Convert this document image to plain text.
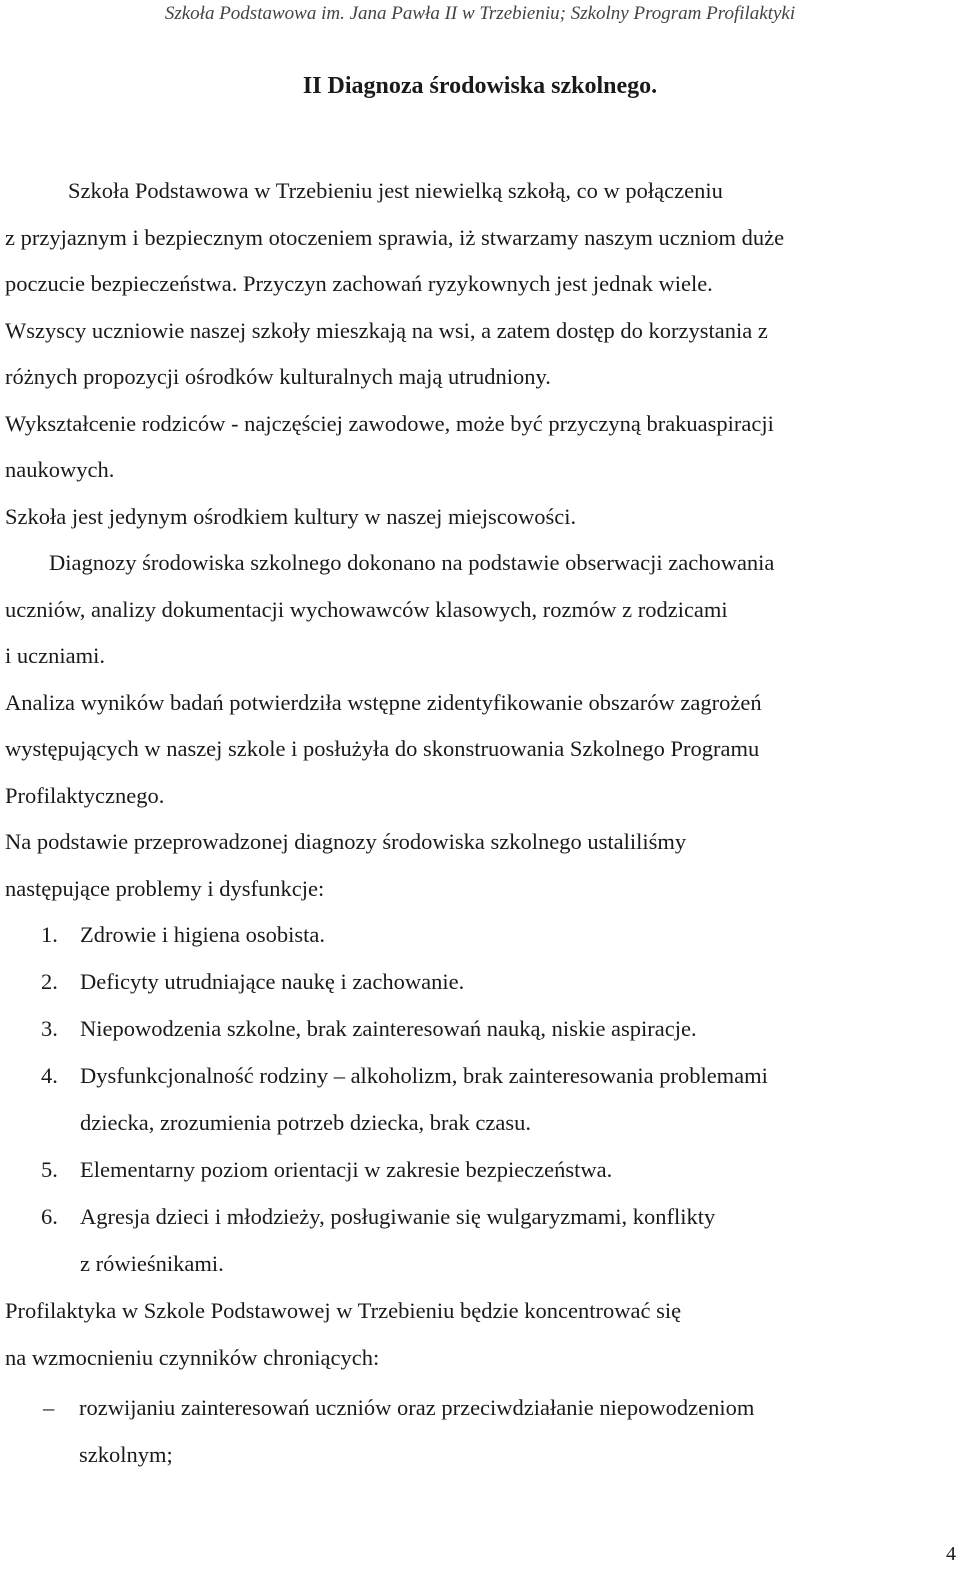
Szkoła Podstawowa im. Jana Pawła II w Trzebieniu; Szkolny Program Profilaktyki
II Diagnoza środowiska szkolnego.
Szkoła Podstawowa w Trzebieniu jest niewielką szkołą, co w połączeniu
z przyjaznym i bezpiecznym otoczeniem sprawia, iż stwarzamy naszym uczniom duże
poczucie bezpieczeństwa. Przyczyn zachowań ryzykownych jest jednak wiele.
Wszyscy uczniowie naszej szkoły mieszkają na wsi, a zatem dostęp do korzystania z
różnych propozycji ośrodków kulturalnych mają utrudniony.
Wykształcenie rodziców - najczęściej zawodowe, może być przyczyną brakuaspiracji
naukowych.
Szkoła jest jedynym ośrodkiem kultury w naszej miejscowości.
Diagnozy środowiska szkolnego dokonano na podstawie obserwacji zachowania
uczniów, analizy dokumentacji wychowawców klasowych, rozmów z rodzicami
i uczniami.
Analiza wyników badań potwierdziła wstępne zidentyfikowanie obszarów zagrożeń
występujących w naszej szkole i posłużyła do skonstruowania Szkolnego Programu
Profilaktycznego.
Na podstawie przeprowadzonej diagnozy środowiska szkolnego ustaliliśmy
następujące problemy i dysfunkcje:
1. Zdrowie i higiena osobista.
2. Deficyty utrudniające naukę i zachowanie.
3. Niepowodzenia szkolne, brak zainteresowań nauką, niskie aspiracje.
4. Dysfunkcjonalność rodziny – alkoholizm, brak zainteresowania problemami
dziecka, zrozumienia potrzeb dziecka, brak czasu.
5. Elementarny poziom orientacji w zakresie bezpieczeństwa.
6. Agresja dzieci i młodzieży, posługiwanie się wulgaryzmami, konflikty
z rówieśnikami.
Profilaktyka w Szkole Podstawowej w Trzebieniu będzie koncentrować się
na wzmocnieniu czynników chroniących:
– rozwijaniu zainteresowań uczniów oraz przeciwdziałanie niepowodzeniom
szkolnym;
4
